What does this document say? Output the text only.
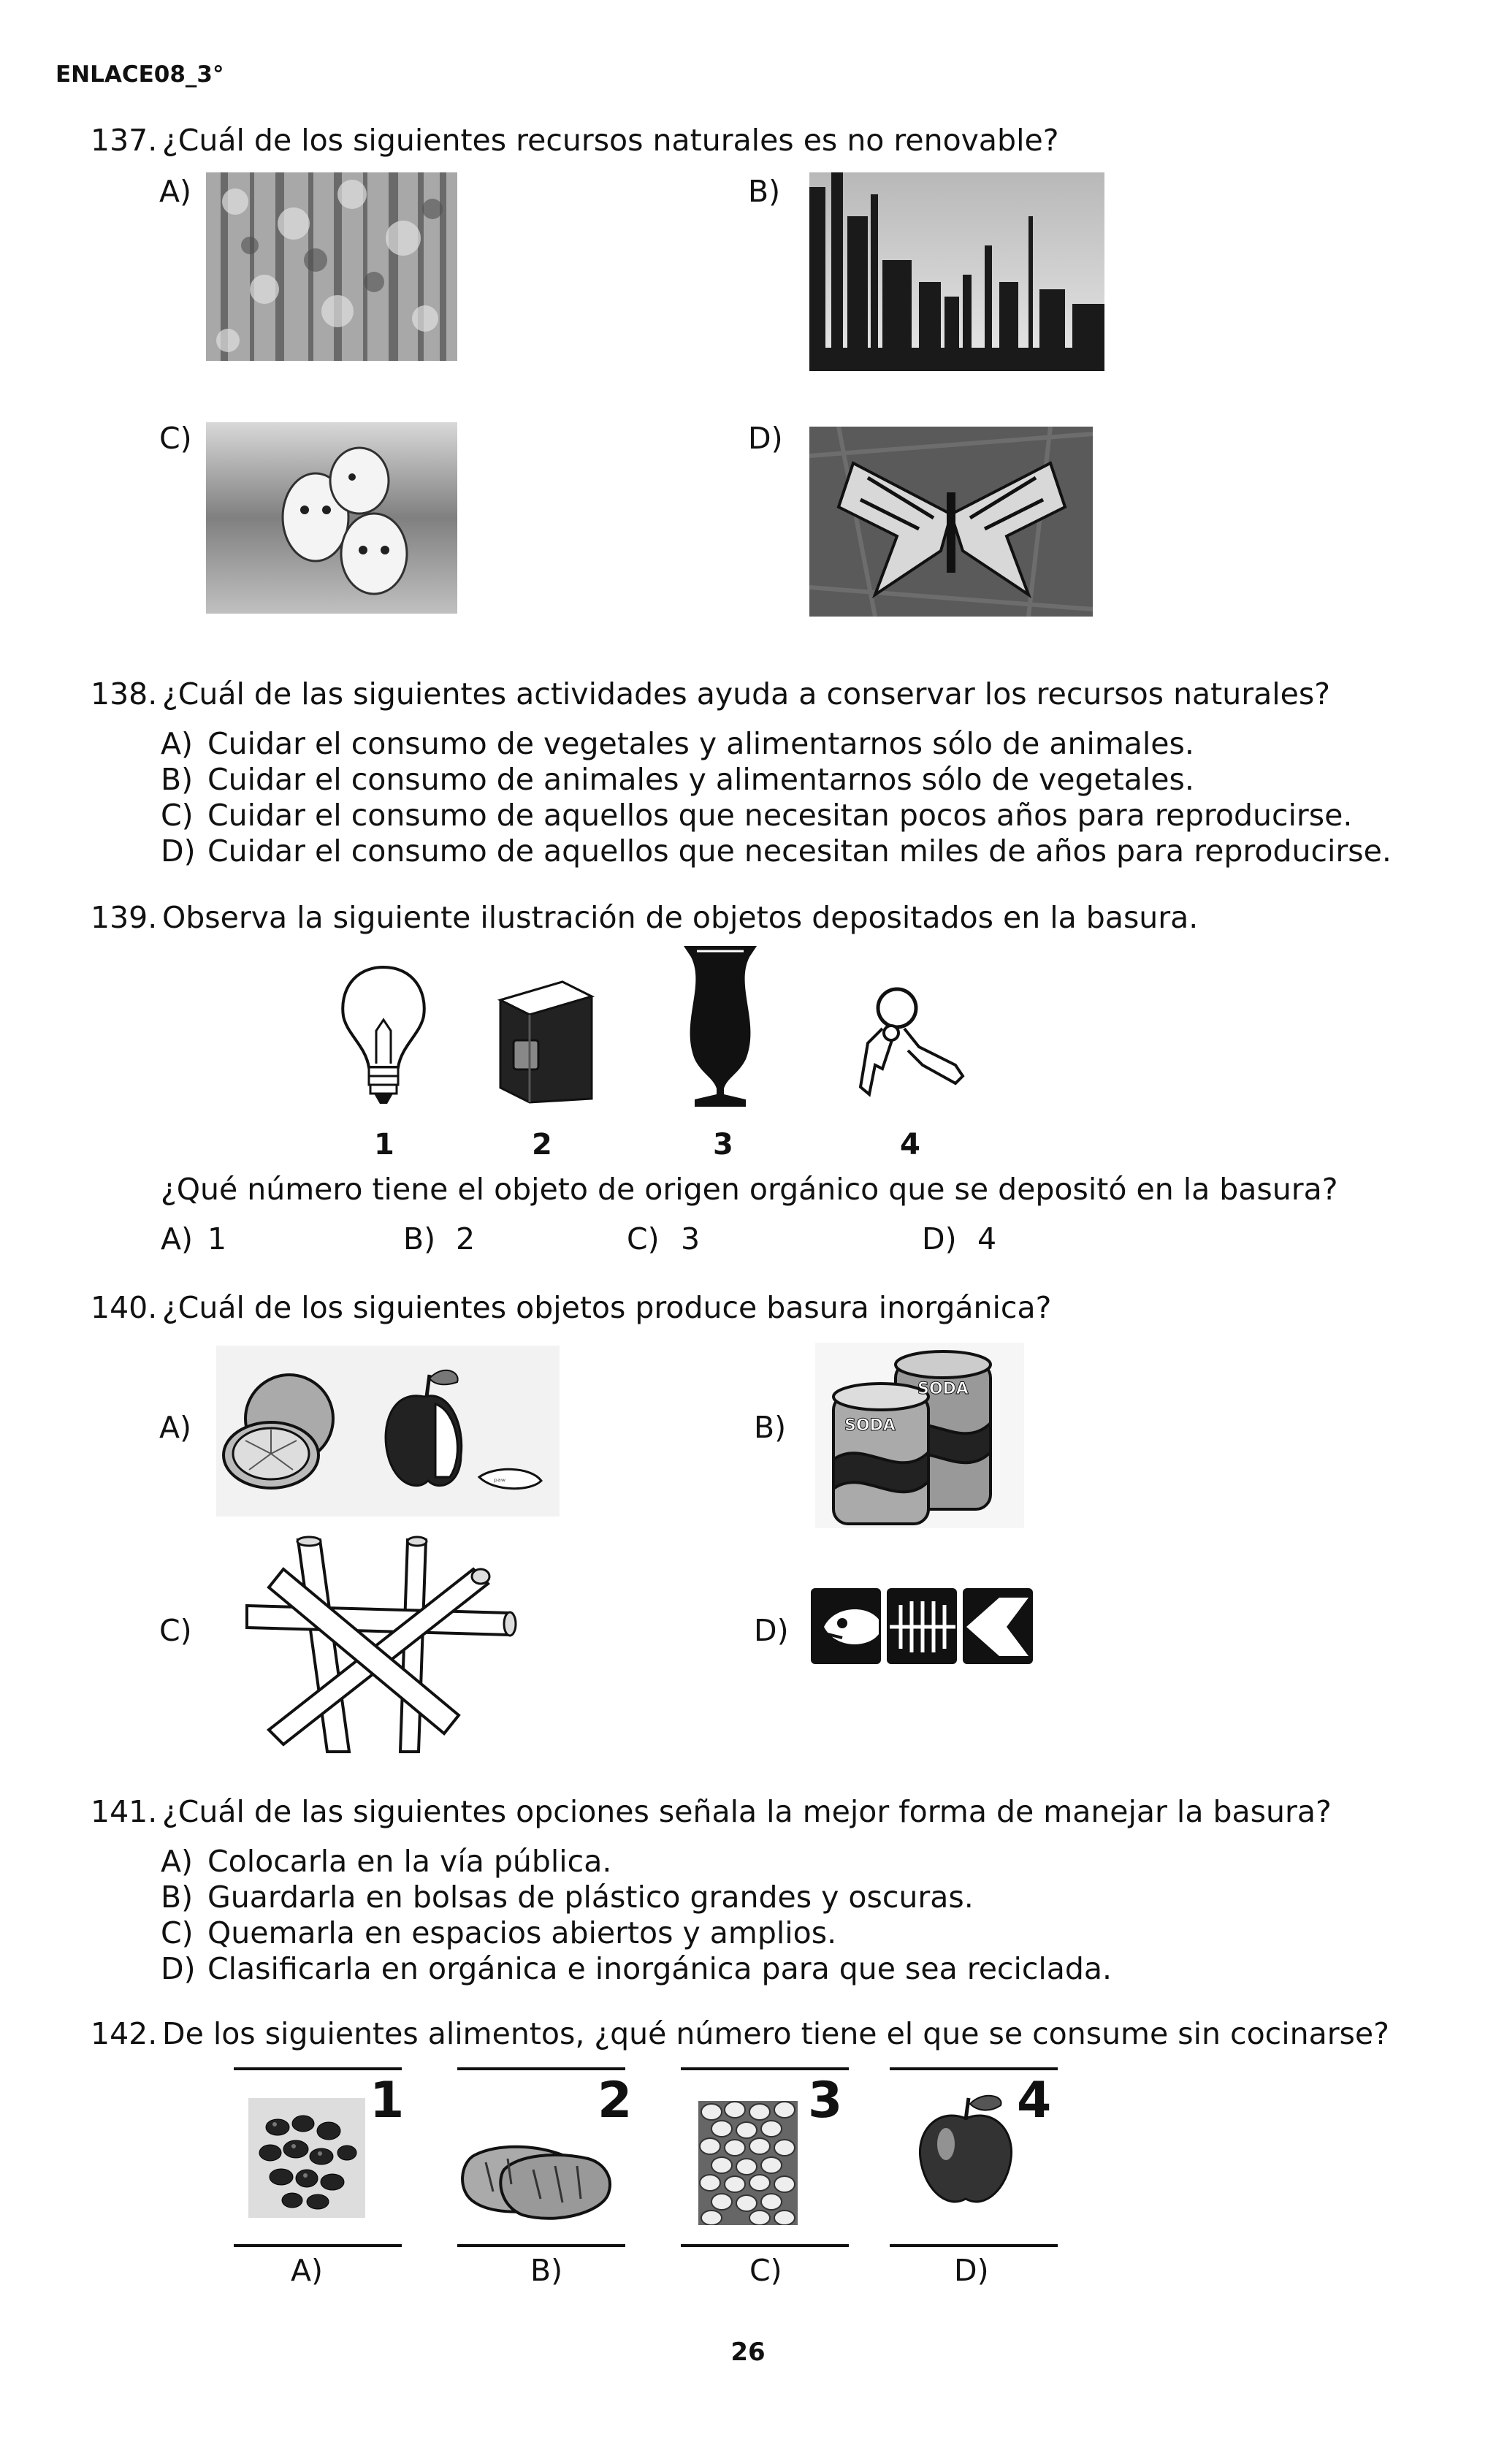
ENLACE08_3°
137. ¿Cuál de los siguientes recursos naturales es no renovable?
A)	B)
C)	D)
138. ¿Cuál de las siguientes actividades ayuda a conservar los recursos naturales?
A) Cuidar el consumo de vegetales y alimentarnos sólo de animales.
B) Cuidar el consumo de animales y alimentarnos sólo de vegetales.
C) Cuidar el consumo de aquellos que necesitan pocos años para reproducirse.
D) Cuidar el consumo de aquellos que necesitan miles de años para reproducirse.
139. Observa la siguiente ilustración de objetos depositados en la basura.
1	2	3	4
¿Qué número tiene el objeto de origen orgánico que se depositó en la basura?
A) 1	B) 2	C) 3	D) 4
140. ¿Cuál de los siguientes objetos produce basura inorgánica?
A)	B)
C)	D)
ᵖᵃʷ
SODA
SODA
141. ¿Cuál de las siguientes opciones señala la mejor forma de manejar la basura?
A) Colocarla en la vía pública.
B) Guardarla en bolsas de plástico grandes y oscuras.
C) Quemarla en espacios abiertos y amplios.
D) Clasificarla en orgánica e inorgánica para que sea reciclada.
142. De los siguientes alimentos, ¿qué número tiene el que se consume sin cocinarse?
1	2	3	4
A)	B)	C)	D)
26
